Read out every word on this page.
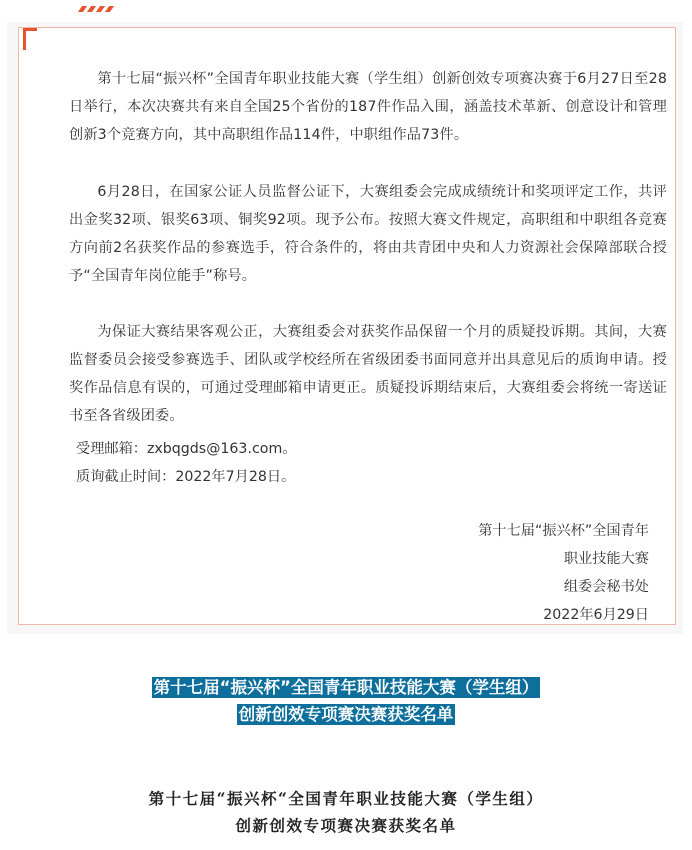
第十七届“振兴杯”全国青年职业技能大赛（学生组）创新创效专项赛决赛于6月27日至28日举行，本次决赛共有来自全国25个省份的187件作品入围，涵盖技术革新、创意设计和管理创新3个竞赛方向，其中高职组作品114件，中职组作品73件。

6月28日，在国家公证人员监督公证下，大赛组委会完成成绩统计和奖项评定工作，共评出金奖32项、银奖63项、铜奖92项。现予公布。按照大赛文件规定，高职组和中职组各竞赛方向前2名获奖作品的参赛选手，符合条件的，将由共青团中央和人力资源社会保障部联合授予“全国青年岗位能手”称号。

为保证大赛结果客观公正，大赛组委会对获奖作品保留一个月的质疑投诉期。其间，大赛监督委员会接受参赛选手、团队或学校经所在省级团委书面同意并出具意见后的质询申请。授奖作品信息有误的，可通过受理邮箱申请更正。质疑投诉期结束后，大赛组委会将统一寄送证书至各省级团委。

受理邮箱：zxbqgds@163.com。
质询截止时间：2022年7月28日。
第十七届“振兴杯”全国青年
职业技能大赛
组委会秘书处
2022年6月29日
第十七届“振兴杯”全国青年职业技能大赛（学生组）
创新创效专项赛决赛获奖名单
第十七届“振兴杯“全国青年职业技能大赛（学生组）
创新创效专项赛决赛获奖名单
